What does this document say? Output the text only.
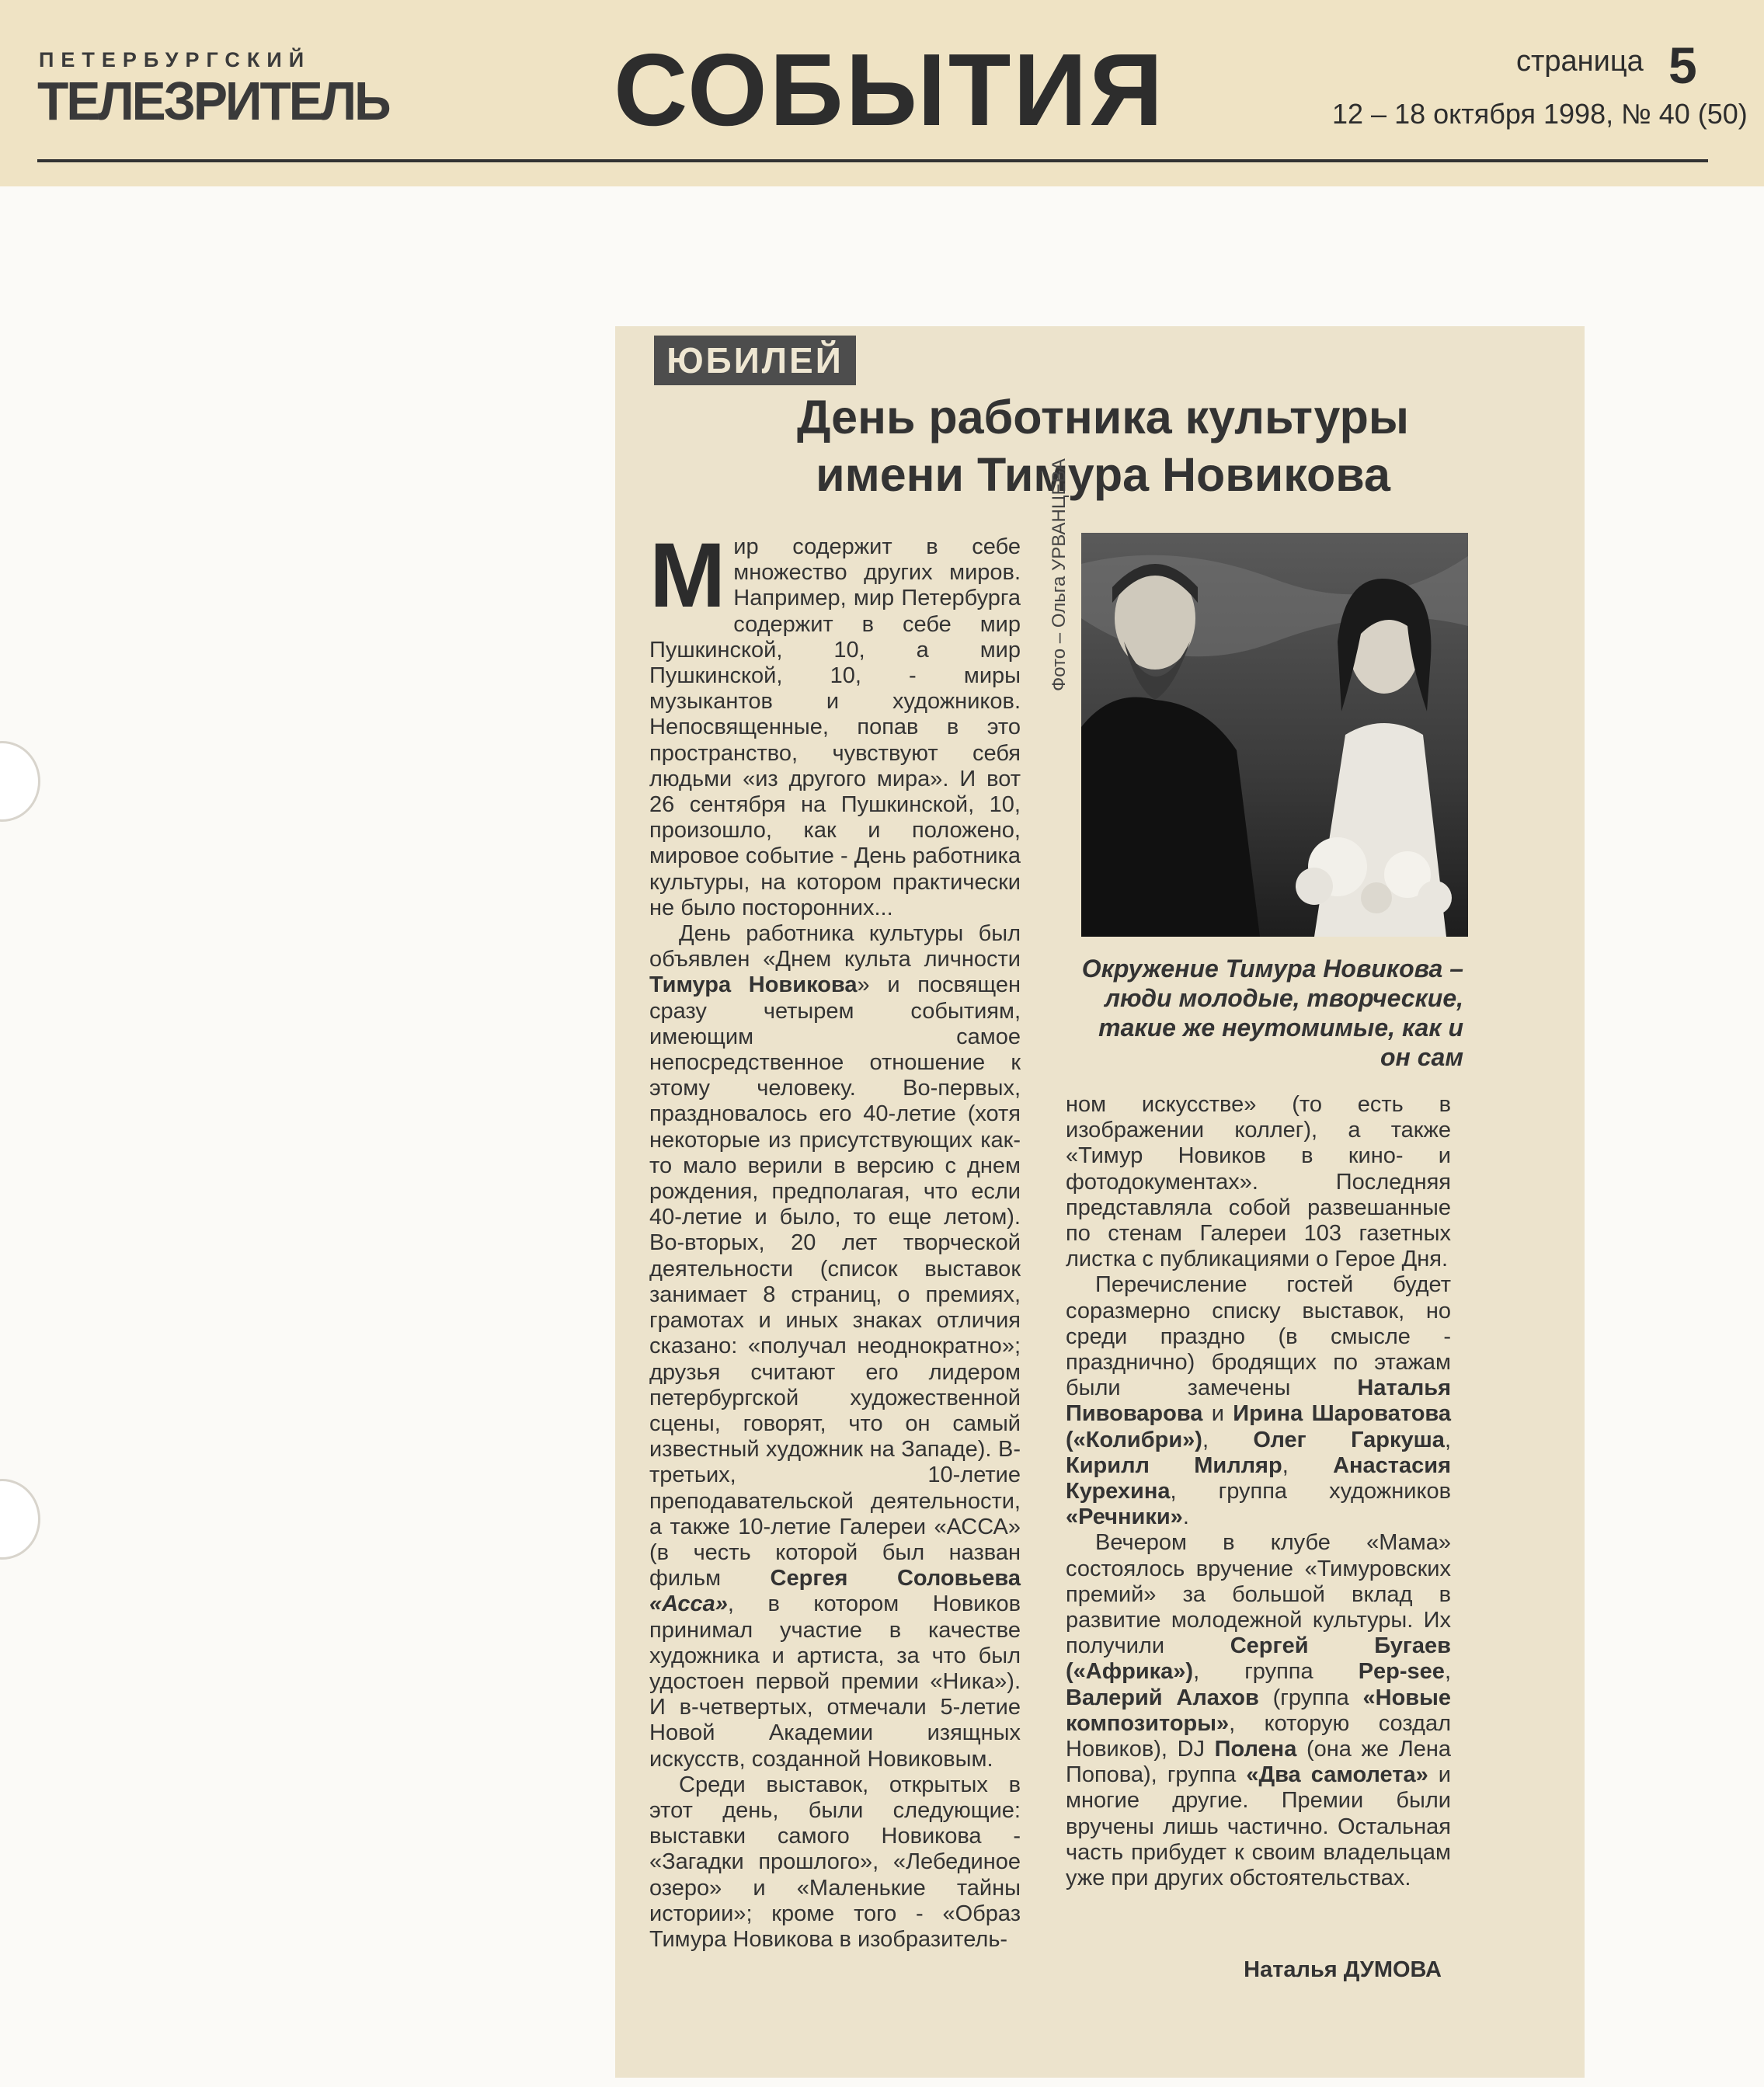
ПЕТЕРБУРГСКИЙ
ТЕЛЕЗРИТЕЛЬ СОБЫТИЯ	страница 5
12 – 18 октября 1998, № 40 (50)
ЮБИЛЕЙ
День работника культуры
имени Тимура Новикова

Мир содержит в себе множество других миров. Например, мир Петербурга содержит в себе мир Пушкинской, 10, а мир Пушкинской, 10, - миры музыкантов и художников. Непосвященные, попав в это пространство, чувствуют себя людьми «из другого мира». И вот 26 сентября на Пушкинской, 10, произошло, как и положено, мировое событие - День работника культуры, на котором практически не было посторонних...

День работника культуры был объявлен «Днем культа личности Тимура Новикова» и посвящен сразу четырем событиям, имеющим самое непосредственное отношение к этому человеку. Во-первых, праздновалось его 40-летие (хотя некоторые из присутствующих как-то мало верили в версию с днем рождения, предполагая, что если 40-летие и было, то еще летом). Во-вторых, 20 лет творческой деятельности (список выставок занимает 8 страниц, о премиях, грамотах и иных знаках отличия сказано: «получал неоднократно»; друзья считают его лидером петербургской художественной сцены, говорят, что он самый известный художник на Западе). В-третьих, 10-летие преподавательской деятельности, а также 10-летие Галереи «АССА» (в честь которой был назван фильм Сергея Соловьева «Асса», в котором Новиков принимал участие в качестве художника и артиста, за что был удостоен первой премии «Ника»). И в-четвертых, отмечали 5-летие Новой Академии изящных искусств, созданной Новиковым.

Среди выставок, открытых в этот день, были следующие: выставки самого Новикова - «Загадки прошлого», «Лебединое озеро» и «Маленькие тайны истории»; кроме того - «Образ Тимура Новикова в изобразитель-

Фото – Ольга УРВАНЦЕВА
Окружение Тимура Новикова – люди молодые, творческие, такие же неутомимые, как и он сам

ном искусстве» (то есть в изображении коллег), а также «Тимур Новиков в кино- и фотодокументах». Последняя представляла собой развешанные по стенам Галереи 103 газетных листка с публикациями о Герое Дня.

Перечисление гостей будет соразмерно списку выставок, но среди праздно (в смысле - празднично) бродящих по этажам были замечены Наталья Пивоварова и Ирина Шароватова («Колибри»), Олег Гаркуша, Кирилл Милляр, Анастасия Курехина, группа художников «Речники».

Вечером в клубе «Мама» состоялось вручение «Тимуровских премий» за большой вклад в развитие молодежной культуры. Их получили Сергей Бугаев («Африка»), группа Pep-see, Валерий Алахов (группа «Новые композиторы», которую создал Новиков), DJ Полена (она же Лена Попова), группа «Два самолета» и многие другие. Премии были вручены лишь частично. Остальная часть прибудет к своим владельцам уже при других обстоятельствах.

Наталья ДУМОВА
